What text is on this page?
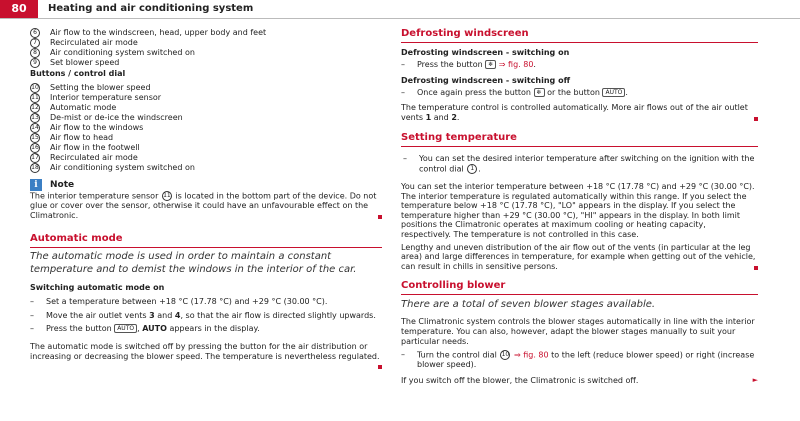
80	Heating and air conditioning system
6	Air flow to the windscreen, head, upper body and feet
7	Recirculated air mode
8	Air conditioning system switched on
9	Set blower speed
Buttons / control dial
10 Setting the blower speed
11 Interior temperature sensor
12 Automatic mode
13 De-mist or de-ice the windscreen
14 Air flow to the windows
15 Air flow to head
16 Air flow in the footwell
17 Recirculated air mode
18 Air conditioning system switched on
i	Note

The interior temperature sensor 11 is located in the bottom part of the device. Do not glue or cover over the sensor, otherwise it could have an unfavourable effect on the Climatronic.

Automatic mode
The automatic mode is used in order to maintain a constant temperature and to demist the windows in the interior of the car.
Switching automatic mode on
–	Set a temperature between +18 °C (17.78 °C) and +29 °C (30.00 °C).
–	Move the air outlet vents 3 and 4, so that the air flow is directed slightly upwards.
–	Press the button AUTO , AUTO appears in the display.

The automatic mode is switched off by pressing the button for the air distribution or increasing or decreasing the blower speed. The temperature is nevertheless regulated.

Defrosting windscreen
Defrosting windscreen - switching on
–	Press the button ❄ ⇒ fig. 80.
Defrosting windscreen - switching off
–	Once again press the button ❄ or the button AUTO .

The temperature control is controlled automatically. More air flows out of the air outlet vents 1 and 2.

Setting temperature
–	You can set the desired interior temperature after switching on the ignition with the control dial 1 .

You can set the interior temperature between +18 °C (17.78 °C) and +29 °C (30.00 °C). The interior temperature is regulated automatically within this range. If you select the temperature below +18 °C (17.78 °C), "LO" appears in the display. If you select the temperature higher than +29 °C (30.00 °C), "HI" appears in the display. In both limit positions the Climatronic operates at maximum cooling or heating capacity, respectively. The temperature is not controlled in this case.

Lengthy and uneven distribution of the air flow out of the vents (in particular at the leg area) and large differences in temperature, for example when getting out of the vehicle, can result in chills in sensitive persons.

Controlling blower
There are a total of seven blower stages available.

The Climatronic system controls the blower stages automatically in line with the interior temperature. You can also, however, adapt the blower stages manually to suit your particular needs.

–	Turn the control dial 10 ⇒ fig. 80 to the left (reduce blower speed) or right (increase blower speed).

If you switch off the blower, the Climatronic is switched off.	►
